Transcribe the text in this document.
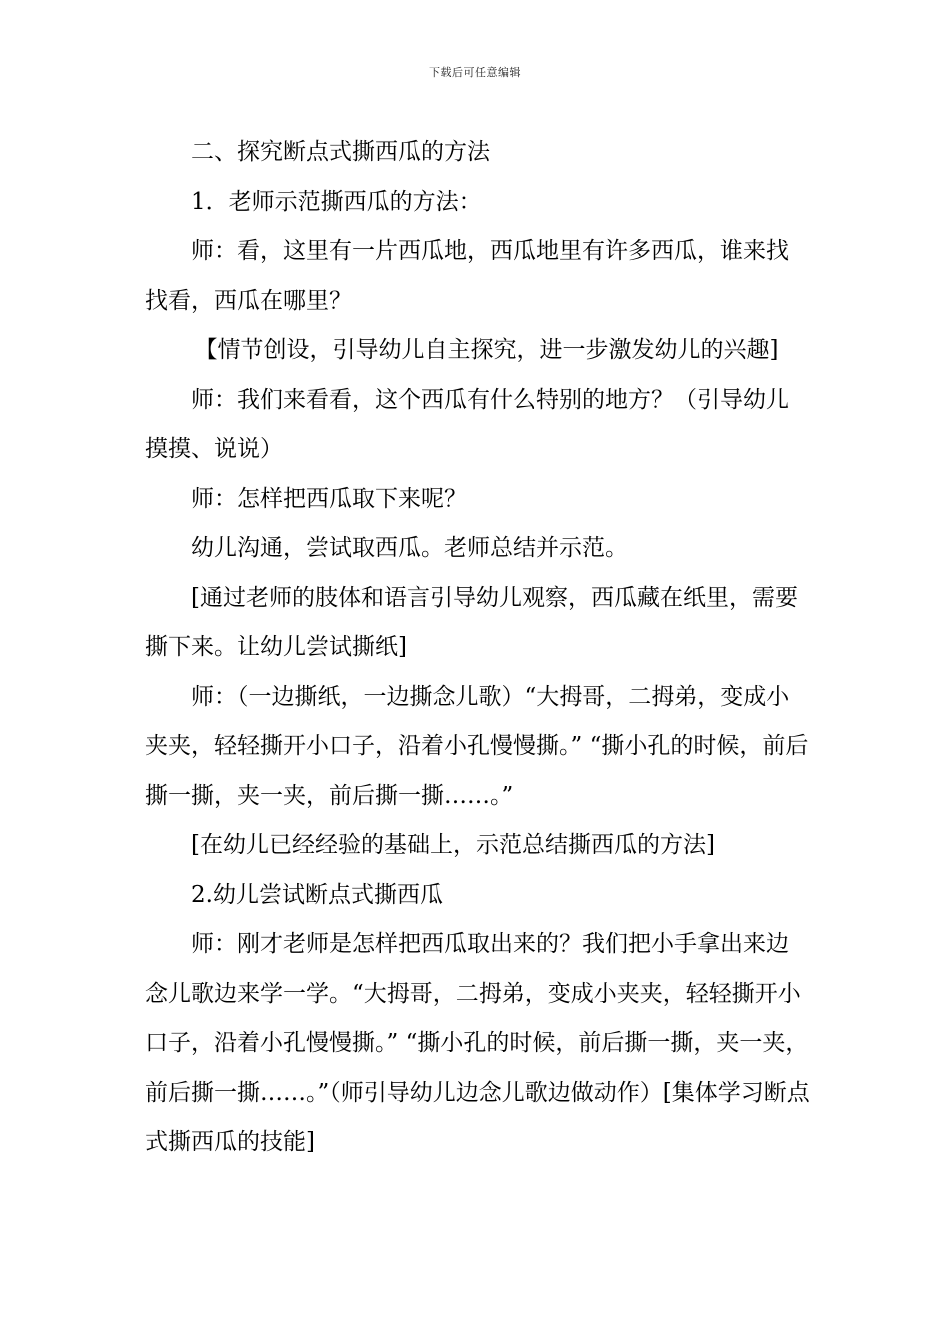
下载后可任意编辑

二、探究断点式撕西瓜的方法

1．老师示范撕西瓜的方法：

师：看，这里有一片西瓜地，西瓜地里有许多西瓜，谁来找找看，西瓜在哪里？

【情节创设，引导幼儿自主探究，进一步激发幼儿的兴趣]

师：我们来看看，这个西瓜有什么特别的地方？（引导幼儿摸摸、说说）

师：怎样把西瓜取下来呢？

幼儿沟通，尝试取西瓜。老师总结并示范。

[通过老师的肢体和语言引导幼儿观察，西瓜藏在纸里，需要撕下来。让幼儿尝试撕纸]

师：（一边撕纸，一边撕念儿歌）“大拇哥，二拇弟，变成小夹夹，轻轻撕开小口子，沿着小孔慢慢撕。” “撕小孔的时候，前后撕一撕，夹一夹，前后撕一撕……。”

[在幼儿已经经验的基础上，示范总结撕西瓜的方法]

2.幼儿尝试断点式撕西瓜

师：刚才老师是怎样把西瓜取出来的？我们把小手拿出来边念儿歌边来学一学。“大拇哥，二拇弟，变成小夹夹，轻轻撕开小口子，沿着小孔慢慢撕。” “撕小孔的时候，前后撕一撕，夹一夹，前后撕一撕……。”（师引导幼儿边念儿歌边做动作）[集体学习断点式撕西瓜的技能]
